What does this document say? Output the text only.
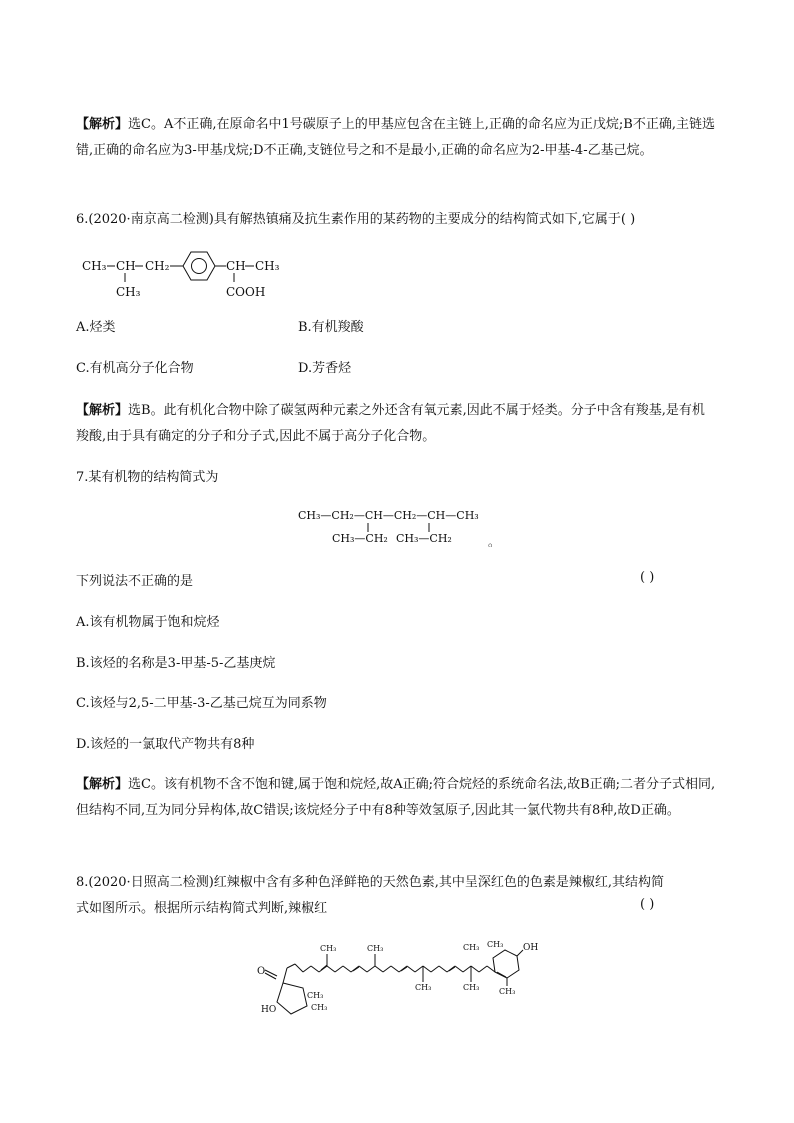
【解析】选C。A不正确,在原命名中1号碳原子上的甲基应包含在主链上,正确的命名应为正戊烷;B不正确,主链选错,正确的命名应为3-甲基戊烷;D不正确,支链位号之和不是最小,正确的命名应为2-甲基-4-乙基己烷。
6.(2020·南京高二检测)具有解热镇痛及抗生素作用的某药物的主要成分的结构简式如下,它属于( )
CH₃ CH
CH₃
CH₂	CH CH₃
COOH
A.烃类	B.有机羧酸
C.有机高分子化合物	D.芳香烃
【解析】选B。此有机化合物中除了碳氢两种元素之外还含有氧元素,因此不属于烃类。分子中含有羧基,是有机羧酸,由于具有确定的分子和分子式,因此不属于高分子化合物。
7.某有机物的结构简式为
CH₃—CH₂—CH—CH₂—CH—CH₃
CH₃—CH₂ CH₃—CH₂	。
下列说法不正确的是	( )
A.该有机物属于饱和烷烃
B.该烃的名称是3-甲基-5-乙基庚烷
C.该烃与2,5-二甲基-3-乙基己烷互为同系物
D.该烃的一氯取代产物共有8种
【解析】选C。该有机物不含不饱和键,属于饱和烷烃,故A正确;符合烷烃的系统命名法,故B正确;二者分子式相同,但结构不同,互为同分异构体,故C错误;该烷烃分子中有8种等效氢原子,因此其一氯代物共有8种,故D正确。
8.(2020·日照高二检测)红辣椒中含有多种色泽鲜艳的天然色素,其中呈深红色的色素是辣椒红,其结构简
式如图所示。根据所示结构简式判断,辣椒红	( )
O
HO
CH₃
CH₃
CH₃
CH₃
CH₃	CH₃ CH₃
CH₃ CH₃ OH
